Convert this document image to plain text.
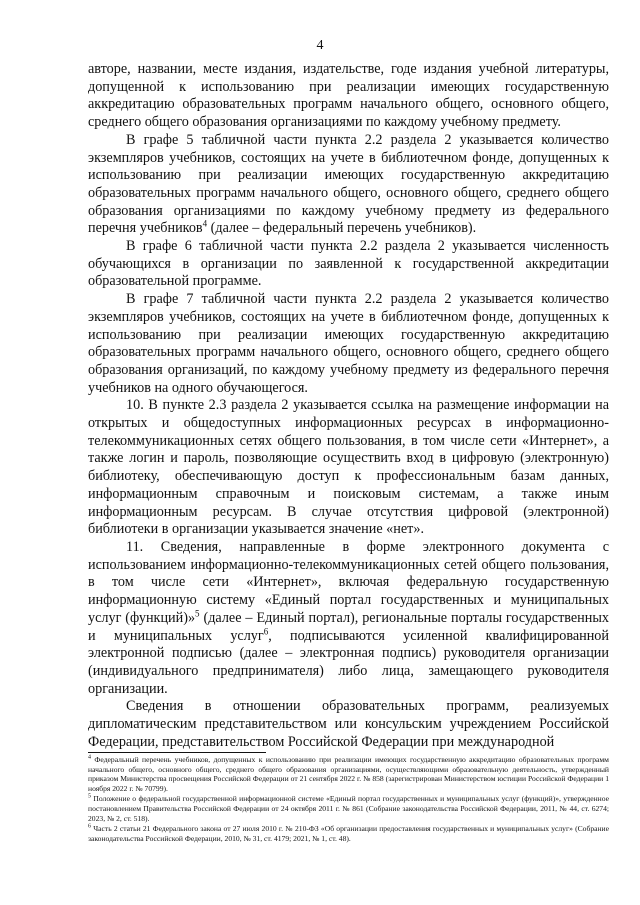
4

автоpе, названии, месте издания, издательстве, годе издания учебной литературы, допущенной к использованию при реализации имеющих государственную аккредитацию образовательных программ начального общего, основного общего, среднего общего образования организациями по каждому учебному предмету.

В графе 5 табличной части пункта 2.2 раздела 2 указывается количество экземпляров учебников, состоящих на учете в библиотечном фонде, допущенных к использованию при реализации имеющих государственную аккредитацию образовательных программ начального общего, основного общего, среднего общего образования организациями по каждому учебному предмету из федерального перечня учебников$^4$ (далее – федеральный перечень учебников).

В графе 6 табличной части пункта 2.2 раздела 2 указывается численность обучающихся в организации по заявленной к государственной аккредитации образовательной программе.

В графе 7 табличной части пункта 2.2 раздела 2 указывается количество экземпляров учебников, состоящих на учете в библиотечном фонде, допущенных к использованию при реализации имеющих государственную аккредитацию образовательных программ начального общего, основного общего, среднего общего образования организаций, по каждому учебному предмету из федерального перечня учебников на одного обучающегося.

10. В пункте 2.3 раздела 2 указывается ссылка на размещение информации на открытых и общедоступных информационных ресурсах в информационно-телекоммуникационных сетях общего пользования, в том числе сети «Интернет», а также логин и пароль, позволяющие осуществить вход в цифровую (электронную) библиотеку, обеспечивающую доступ к профессиональным базам данных, информационным справочным и поисковым системам, а также иным информационным ресурсам. В случае отсутствия цифровой (электронной) библиотеки в организации указывается значение «нет».

11. Сведения, направленные в форме электронного документа с использованием информационно-телекоммуникационных сетей общего пользования, в том числе сети «Интернет», включая федеральную государственную информационную систему «Единый портал государственных и муниципальных услуг (функций)»$^5$ (далее – Единый портал), региональные порталы государственных и муниципальных услуг$^6$, подписываются усиленной квалифицированной электронной подписью (далее – электронная подпись) руководителя организации (индивидуального предпринимателя) либо лица, замещающего руководителя организации.

Сведения в отношении образовательных программ, реализуемых дипломатическим представительством или консульским учреждением Российской Федерации, представительством Российской Федерации при международной

$^4$ Федеральный перечень учебников, допущенных к использованию при реализации имеющих государственную аккредитацию образовательных программ начального общего, основного общего, среднего общего образования организациями, осуществляющими образовательную деятельность, утвержденный приказом Министерства просвещения Российской Федерации от 21 сентября 2022 г. № 858 (зарегистрирован Министерством юстиции Российской Федерации 1 ноября 2022 г. № 70799).

$^5$ Положение о федеральной государственной информационной системе «Единый портал государственных и муниципальных услуг (функций)», утвержденное постановлением Правительства Российской Федерации от 24 октября 2011 г. № 861 (Собрание законодательства Российской Федерации, 2011, № 44, ст. 6274; 2023, № 2, ст. 518).

$^6$ Часть 2 статьи 21 Федерального закона от 27 июля 2010 г. № 210-ФЗ «Об организации предоставления государственных и муниципальных услуг» (Собрание законодательства Российской Федерации, 2010, № 31, ст. 4179; 2021, № 1, ст. 48).
